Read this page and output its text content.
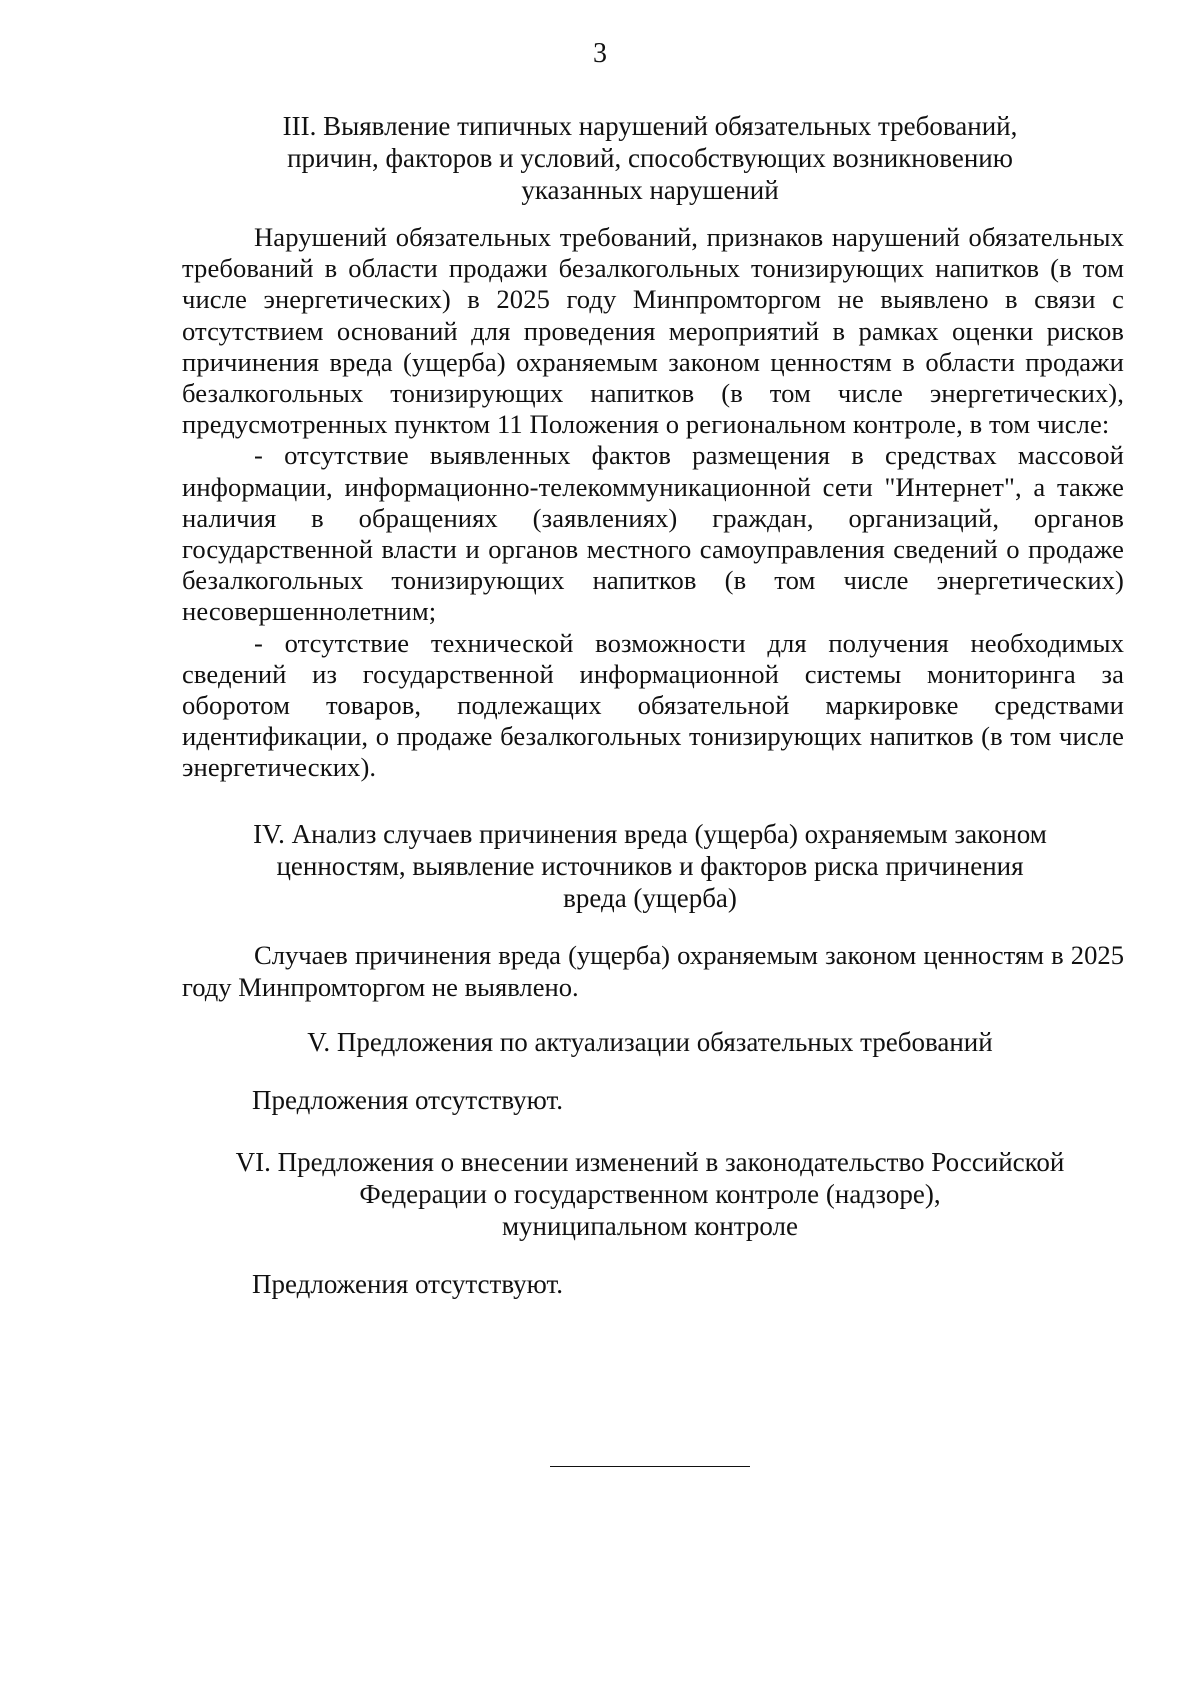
3
III. Выявление типичных нарушений обязательных требований,
причин, факторов и условий, способствующих возникновению
указанных нарушений

Нарушений обязательных требований, признаков нарушений обязательных требований в области продажи безалкогольных тонизирующих напитков (в том числе энергетических) в 2025 году Минпромторгом не выявлено в связи с отсутствием оснований для проведения мероприятий в рамках оценки рисков причинения вреда (ущерба) охраняемым законом ценностям в области продажи безалкогольных тонизирующих напитков (в том числе энергетических), предусмотренных пунктом 11 Положения о региональном контроле, в том числе:

- отсутствие выявленных фактов размещения в средствах массовой информации, информационно-телекоммуникационной сети "Интернет", а также наличия в обращениях (заявлениях) граждан, организаций, органов государственной власти и органов местного самоуправления сведений о продаже безалкогольных тонизирующих напитков (в том числе энергетических) несовершеннолетним;

- отсутствие технической возможности для получения необходимых сведений из государственной информационной системы мониторинга за оборотом товаров, подлежащих обязательной маркировке средствами идентификации, о продаже безалкогольных тонизирующих напитков (в том числе энергетических).

IV. Анализ случаев причинения вреда (ущерба) охраняемым законом
ценностям, выявление источников и факторов риска причинения
вреда (ущерба)

Случаев причинения вреда (ущерба) охраняемым законом ценностям в 2025 году Минпромторгом не выявлено.

V. Предложения по актуализации обязательных требований
Предложения отсутствуют.
VI. Предложения о внесении изменений в законодательство Российской
Федерации о государственном контроле (надзоре),
муниципальном контроле
Предложения отсутствуют.
